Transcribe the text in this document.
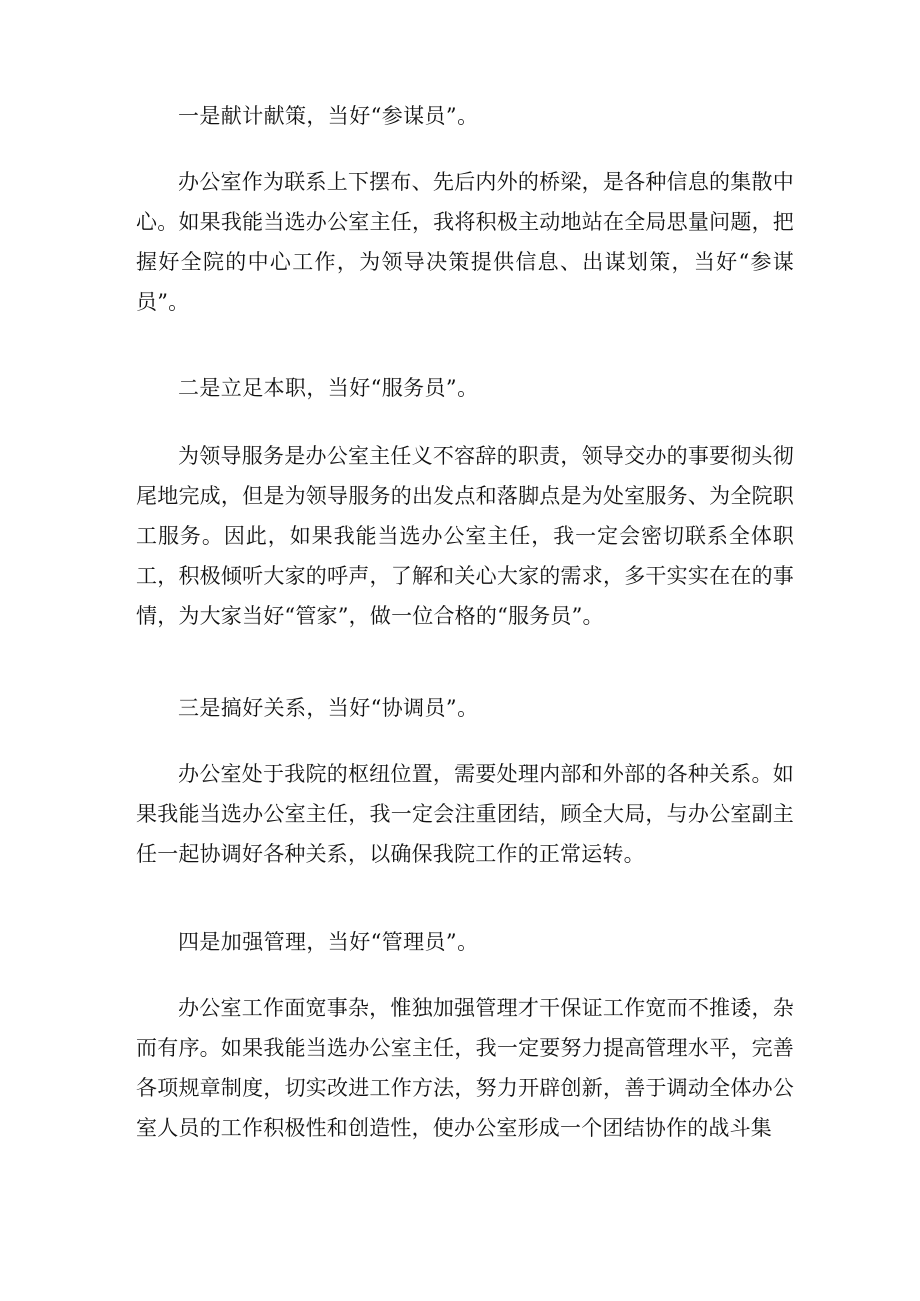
一是献计献策，当好“参谋员”。

办公室作为联系上下摆布、先后内外的桥梁，是各种信息的集散中心。如果我能当选办公室主任，我将积极主动地站在全局思量问题，把握好全院的中心工作，为领导决策提供信息、出谋划策，当好“参谋员”。

二是立足本职，当好“服务员”。

为领导服务是办公室主任义不容辞的职责，领导交办的事要彻头彻尾地完成，但是为领导服务的出发点和落脚点是为处室服务、为全院职工服务。因此，如果我能当选办公室主任，我一定会密切联系全体职工，积极倾听大家的呼声，了解和关心大家的需求，多干实实在在的事情，为大家当好“管家”，做一位合格的“服务员”。

三是搞好关系，当好“协调员”。

办公室处于我院的枢纽位置，需要处理内部和外部的各种关系。如果我能当选办公室主任，我一定会注重团结，顾全大局，与办公室副主任一起协调好各种关系，以确保我院工作的正常运转。

四是加强管理，当好“管理员”。

办公室工作面宽事杂，惟独加强管理才干保证工作宽而不推诿，杂而有序。如果我能当选办公室主任，我一定要努力提高管理水平，完善各项规章制度，切实改进工作方法，努力开辟创新，善于调动全体办公室人员的工作积极性和创造性，使办公室形成一个团结协作的战斗集
